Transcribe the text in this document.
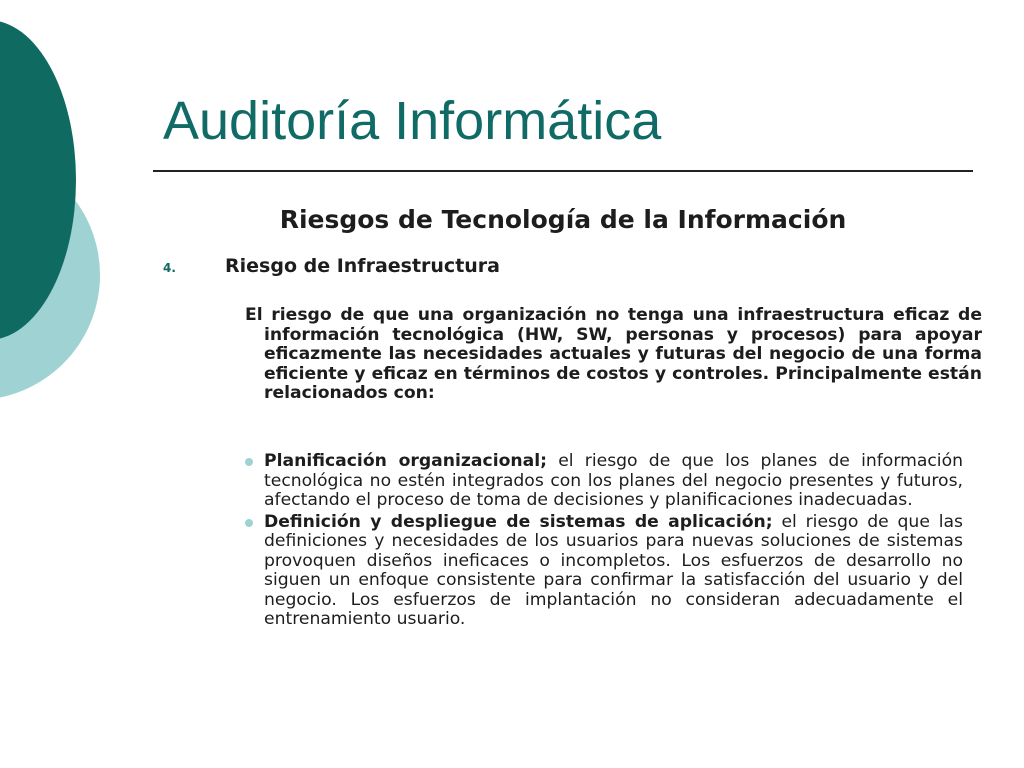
Auditoría Informática
Riesgos de Tecnología de la Información
4.	Riesgo de Infraestructura

El riesgo de que una organización no tenga una infraestructura eficaz de información tecnológica (HW, SW, personas y procesos) para apoyar eficazmente las necesidades actuales y futuras del negocio de una forma eficiente y eficaz en términos de costos y controles. Principalmente están relacionados con:

Planificación organizacional; el riesgo de que los planes de información tecnológica no estén integrados con los planes del negocio presentes y futuros, afectando el proceso de toma de decisiones y planificaciones inadecuadas.
Definición y despliegue de sistemas de aplicación; el riesgo de que las definiciones y necesidades de los usuarios para nuevas soluciones de sistemas provoquen diseños ineficaces o incompletos. Los esfuerzos de desarrollo no siguen un enfoque consistente para confirmar la satisfacción del usuario y del negocio. Los esfuerzos de implantación no consideran adecuadamente el entrenamiento usuario.
